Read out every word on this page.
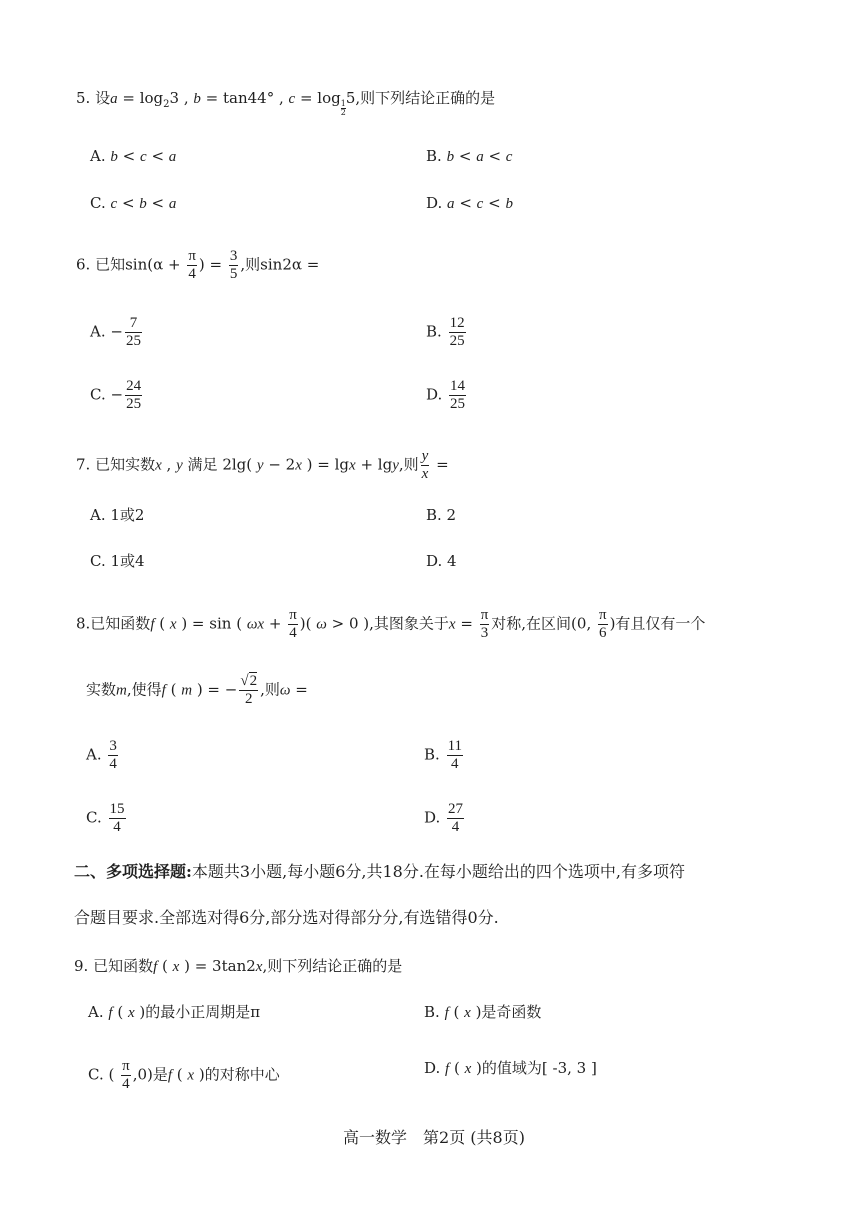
5. 设$a = \log_23$ , b = tan44° , c = log
$\frac{1}{2}$
5,则下列结论正确的是
A. b < c < a	B. b < a < c
C. c < b < a	D. a < c < b
6. 已知$\sin(\alpha + \frac{\pi}{4}$ ) = $\frac{3}{5}$ ,则sin2α =
A. − $\frac{7}{25}$	B. $\frac{12}{25}$
C. − $\frac{24}{25}$	D. $\frac{14}{25}$
7. 已知实数x , y 满足 2lg( y − 2x ) = lgx + lgy,则 $\frac{y}{x}$ =
A. 1或2	B. 2
C. 1或4	D. 4
8.已知函数f ( x ) = sin ( $\omega x + \frac{\pi}{4}$ )( ω > 0 ),其图象关于$x = \frac{\pi}{3}$ 对称,在区间(0, $\frac{\pi}{6}$ )有且仅有一个
实数m,使得f ( m ) = − $\frac{√2}{2}$ ,则ω =
A. $\frac{3}{4}$	B. $\frac{11}{4}$
C. $\frac{15}{4}$	D. $\frac{27}{4}$
二、多项选择题:本题共3小题,每小题6分,共18分.在每小题给出的四个选项中,有多项符
合题目要求.全部选对得6分,部分选对得部分分,有选错得0分.
9. 已知函数f ( x ) = 3tan2x,则下列结论正确的是
A. f ( x )的最小正周期是π	B. f ( x )是奇函数
C. ( $\frac{\pi}{4} ,0$)是f ( x )的对称中心	D. f ( x )的值域为[ -3, 3 ]
高一数学　第2页 (共8页)
